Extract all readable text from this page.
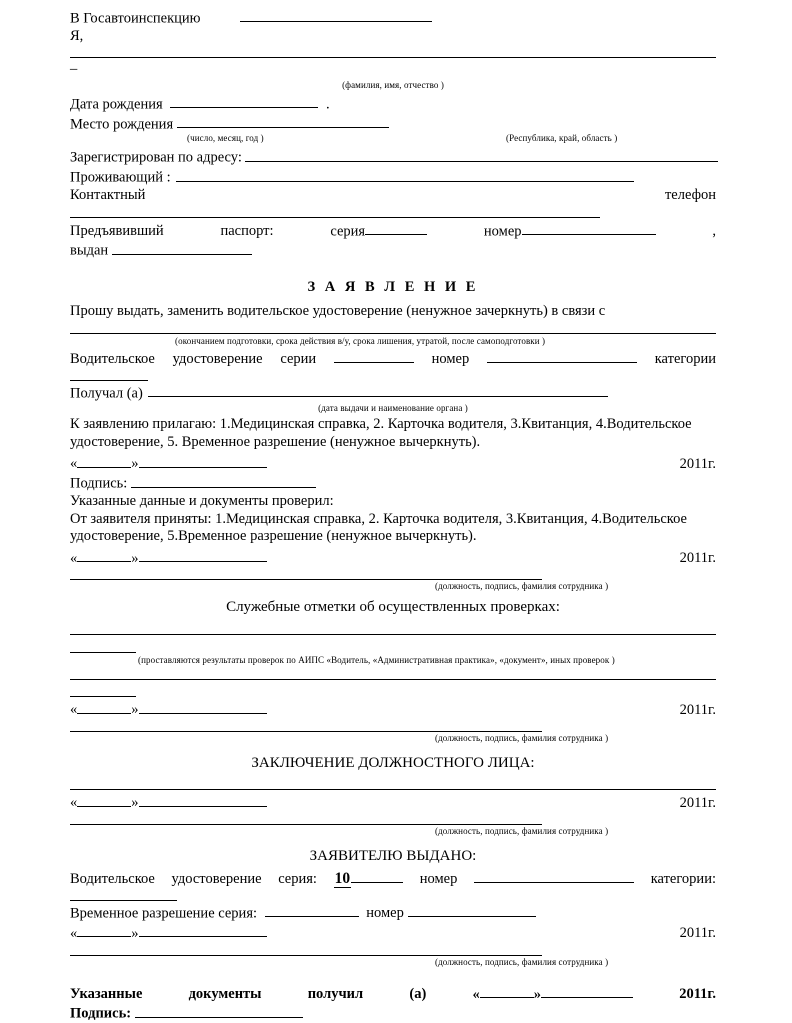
В Госавтоинспекцию
Я,
–
(фамилия, имя, отчество )
Дата рождения	.
Место рождения
(число, месяц, год )	(Республика, край, область )
Зарегистрирован по адресу:
Проживающий :
Контактный	телефон
Предъявивший	паспорт:	серия	номер	,
выдан
З А Я В Л Е Н И Е
Прошу выдать, заменить водительское удостоверение (ненужное зачеркнуть) в связи с
(окончанием подготовки, срока действия в/у, срока лишения, утратой, после самоподготовки )
Водительское удостоверение серии	номер	категории
Получал (а)
(дата выдачи и наименование органа )
К заявлению прилагаю: 1.Медицинская справка, 2. Карточка водителя, 3.Квитанция, 4.Водительское
удостоверение, 5. Временное разрешение (ненужное вычеркнуть).
«	»	2011г.
Подпись:
Указанные данные и документы проверил:
От заявителя приняты: 1.Медицинская справка, 2. Карточка водителя, 3.Квитанция, 4.Водительское
удостоверение, 5.Временное разрешение (ненужное вычеркнуть).
«	»	2011г.
(должность, подпись, фамилия сотрудника )
Служебные отметки об осуществленных проверках:
(проставляются результаты проверок по АИПС «Водитель, «Административная практика», «документ», иных проверок )
«	»	2011г.
(должность, подпись, фамилия сотрудника )
ЗАКЛЮЧЕНИЕ ДОЛЖНОСТНОГО ЛИЦА:
«	»	2011г.
(должность, подпись, фамилия сотрудника )
ЗАЯВИТЕЛЮ ВЫДАНО:
Водительское удостоверение серия: 10	номер	категории:
Временное разрешение серия:	номер
«	»	2011г.
(должность, подпись, фамилия сотрудника )
Указанные	документы	получил	(а)	«	»	2011г.
Подпись:
